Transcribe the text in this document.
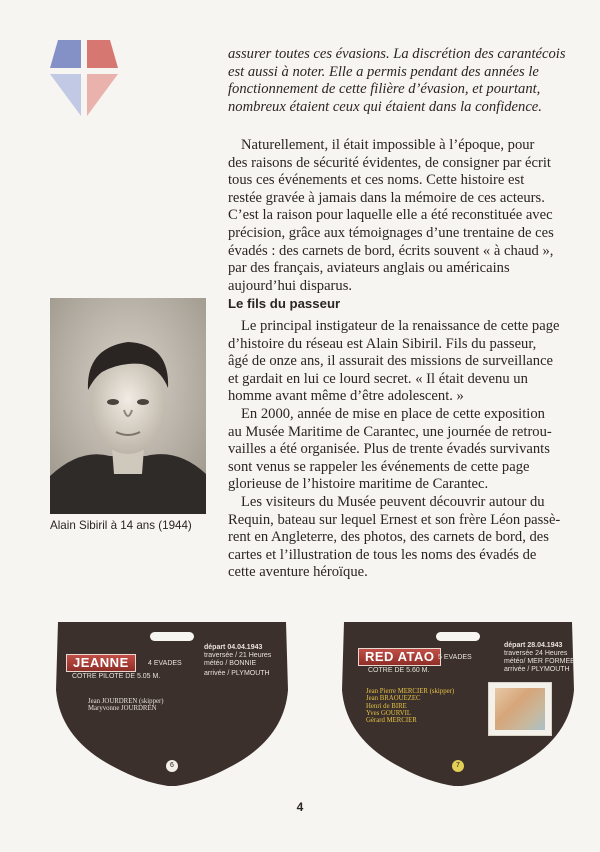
assurer toutes ces évasions. La discrétion des carantécois
est aussi à noter. Elle a permis pendant des années le
fonctionnement de cette filière d’évasion, et pourtant,
nombreux étaient ceux qui étaient dans la confidence.
Naturellement, il était impossible à l’époque, pour
des raisons de sécurité évidentes, de consigner par écrit
tous ces événements et ces noms. Cette histoire est
restée gravée à jamais dans la mémoire de ces acteurs.
C’est la raison pour laquelle elle a été reconstituée avec
précision, grâce aux témoignages d’une trentaine de ces
évadés : des carnets de bord, écrits souvent « à chaud »,
par des français, aviateurs anglais ou américains
aujourd’hui disparus.
Le fils du passeur
Le principal instigateur de la renaissance de cette page
d’histoire du réseau est Alain Sibiril. Fils du passeur,
âgé de onze ans, il assurait des missions de surveillance
et gardait en lui ce lourd secret. « Il était devenu un
homme avant même d’être adolescent. »
En 2000, année de mise en place de cette exposition
au Musée Maritime de Carantec, une journée de retrou-
vailles a été organisée. Plus de trente évadés survivants
sont venus se rappeler les événements de cette page
glorieuse de l’histoire maritime de Carantec.
Les visiteurs du Musée peuvent découvrir autour du
Requin, bateau sur lequel Ernest et son frère Léon passè-
rent en Angleterre, des photos, des carnets de bord, des
cartes et l’illustration de tous les noms des évadés de
cette aventure héroïque.
Alain Sibiril à 14 ans (1944)
JEANNE	4 EVADES
COTRE PILOTE DE 5.05 M.
départ 04.04.1943
traversée / 21 Heures
météo / BONNIE
arrivée / PLYMOUTH
Jean JOURDREN (skipper)
Maryvonne JOURDREN
6
RED ATAO 5 EVADES
COTRE DE 5.60 M.
départ 28.04.1943
traversée 24 Heures
météo/ MER FORMEE
arrivée / PLYMOUTH
Jean Pierre MERCIER (skipper)
Jean BRAOUEZEC
Henri de BIRE
Yves GOURVIL
Gérard MERCIER
7
4
